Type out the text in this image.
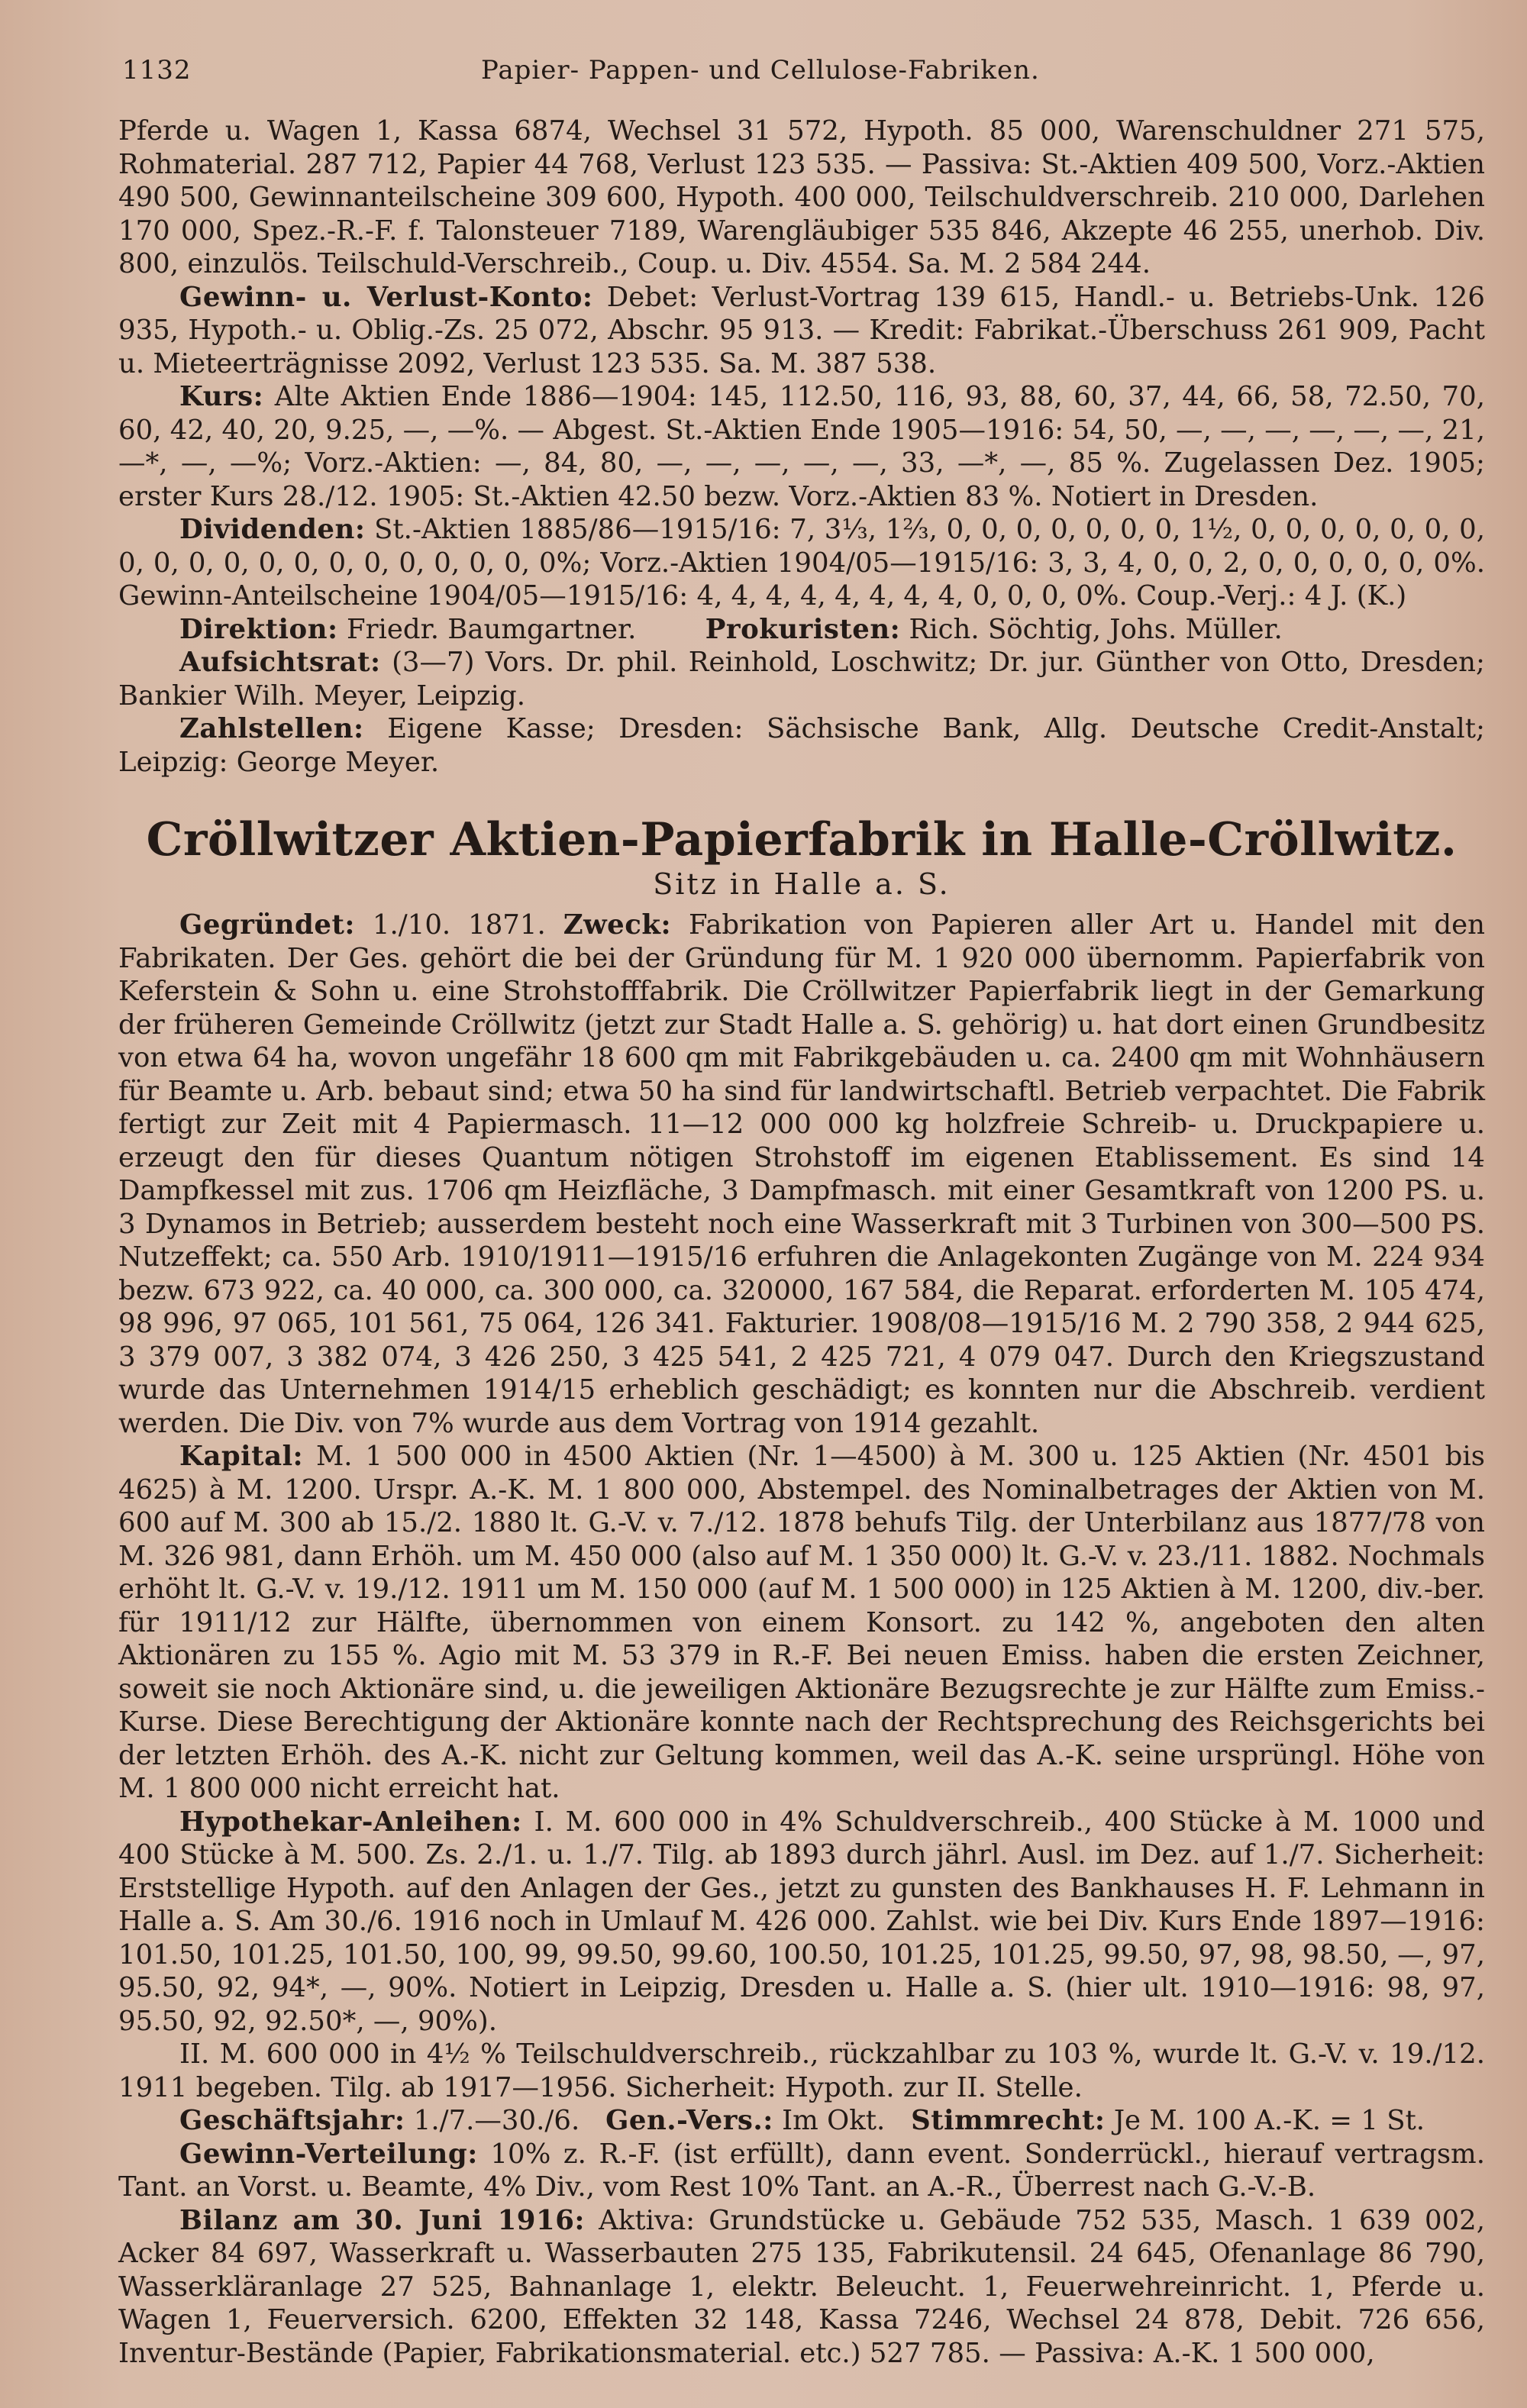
1132	Papier- Pappen- und Cellulose-Fabriken.

Pferde u. Wagen 1, Kassa 6874, Wechsel 31 572, Hypoth. 85 000, Warenschuldner 271 575, Rohmaterial. 287 712, Papier 44 768, Verlust 123 535. — Passiva: St.-Aktien 409 500, Vorz.-Aktien 490 500, Gewinnanteilscheine 309 600, Hypoth. 400 000, Teilschuldverschreib. 210 000, Darlehen 170 000, Spez.-R.-F. f. Talonsteuer 7189, Warengläubiger 535 846, Akzepte 46 255, unerhob. Div. 800, einzulös. Teilschuld-Verschreib., Coup. u. Div. 4554. Sa. M. 2 584 244.

Gewinn- u. Verlust-Konto: Debet: Verlust-Vortrag 139 615, Handl.- u. Betriebs-Unk. 126 935, Hypoth.- u. Oblig.-Zs. 25 072, Abschr. 95 913. — Kredit: Fabrikat.-Überschuss 261 909, Pacht u. Mieteerträgnisse 2092, Verlust 123 535. Sa. M. 387 538.

Kurs: Alte Aktien Ende 1886—1904: 145, 112.50, 116, 93, 88, 60, 37, 44, 66, 58, 72.50, 70, 60, 42, 40, 20, 9.25, —, —%. — Abgest. St.-Aktien Ende 1905—1916: 54, 50, —, —, —, —, —, —, 21, —*, —, —%; Vorz.-Aktien: —, 84, 80, —, —, —, —, —, 33, —*, —, 85 %. Zugelassen Dez. 1905; erster Kurs 28./12. 1905: St.-Aktien 42.50 bezw. Vorz.-Aktien 83 %. Notiert in Dresden.

Dividenden: St.-Aktien 1885/86—1915/16: 7, 3⅓, 1⅔, 0, 0, 0, 0, 0, 0, 0, 1½, 0, 0, 0, 0, 0, 0, 0, 0, 0, 0, 0, 0, 0, 0, 0, 0, 0, 0, 0, 0%; Vorz.-Aktien 1904/05—1915/16: 3, 3, 4, 0, 0, 2, 0, 0, 0, 0, 0, 0%. Gewinn-Anteilscheine 1904/05—1915/16: 4, 4, 4, 4, 4, 4, 4, 4, 0, 0, 0, 0%. Coup.-Verj.: 4 J. (K.)

Direktion: Friedr. Baumgartner.	Prokuristen: Rich. Söchtig, Johs. Müller.

Aufsichtsrat: (3—7) Vors. Dr. phil. Reinhold, Loschwitz; Dr. jur. Günther von Otto, Dresden; Bankier Wilh. Meyer, Leipzig.

Zahlstellen: Eigene Kasse; Dresden: Sächsische Bank, Allg. Deutsche Credit-Anstalt; Leipzig: George Meyer.

Cröllwitzer Aktien-Papierfabrik in Halle-Cröllwitz.
Sitz in Halle a. S.

Gegründet: 1./10. 1871. Zweck: Fabrikation von Papieren aller Art u. Handel mit den Fabrikaten. Der Ges. gehört die bei der Gründung für M. 1 920 000 übernomm. Papierfabrik von Keferstein & Sohn u. eine Strohstofffabrik. Die Cröllwitzer Papierfabrik liegt in der Gemarkung der früheren Gemeinde Cröllwitz (jetzt zur Stadt Halle a. S. gehörig) u. hat dort einen Grundbesitz von etwa 64 ha, wovon ungefähr 18 600 qm mit Fabrikgebäuden u. ca. 2400 qm mit Wohnhäusern für Beamte u. Arb. bebaut sind; etwa 50 ha sind für landwirtschaftl. Betrieb verpachtet. Die Fabrik fertigt zur Zeit mit 4 Papiermasch. 11—12 000 000 kg holzfreie Schreib- u. Druckpapiere u. erzeugt den für dieses Quantum nötigen Strohstoff im eigenen Etablissement. Es sind 14 Dampfkessel mit zus. 1706 qm Heizfläche, 3 Dampfmasch. mit einer Gesamtkraft von 1200 PS. u. 3 Dynamos in Betrieb; ausserdem besteht noch eine Wasserkraft mit 3 Turbinen von 300—500 PS. Nutzeffekt; ca. 550 Arb. 1910/1911—1915/16 erfuhren die Anlagekonten Zugänge von M. 224 934 bezw. 673 922, ca. 40 000, ca. 300 000, ca. 320000, 167 584, die Reparat. erforderten M. 105 474, 98 996, 97 065, 101 561, 75 064, 126 341. Fakturier. 1908/08—1915/16 M. 2 790 358, 2 944 625, 3 379 007, 3 382 074, 3 426 250, 3 425 541, 2 425 721, 4 079 047. Durch den Kriegszustand wurde das Unternehmen 1914/15 erheblich geschädigt; es konnten nur die Abschreib. verdient werden. Die Div. von 7% wurde aus dem Vortrag von 1914 gezahlt.

Kapital: M. 1 500 000 in 4500 Aktien (Nr. 1—4500) à M. 300 u. 125 Aktien (Nr. 4501 bis 4625) à M. 1200. Urspr. A.-K. M. 1 800 000, Abstempel. des Nominalbetrages der Aktien von M. 600 auf M. 300 ab 15./2. 1880 lt. G.-V. v. 7./12. 1878 behufs Tilg. der Unterbilanz aus 1877/78 von M. 326 981, dann Erhöh. um M. 450 000 (also auf M. 1 350 000) lt. G.-V. v. 23./11. 1882. Nochmals erhöht lt. G.-V. v. 19./12. 1911 um M. 150 000 (auf M. 1 500 000) in 125 Aktien à M. 1200, div.-ber. für 1911/12 zur Hälfte, übernommen von einem Konsort. zu 142 %, angeboten den alten Aktionären zu 155 %. Agio mit M. 53 379 in R.-F. Bei neuen Emiss. haben die ersten Zeichner, soweit sie noch Aktionäre sind, u. die jeweiligen Aktionäre Bezugsrechte je zur Hälfte zum Emiss.-Kurse. Diese Berechtigung der Aktionäre konnte nach der Rechtsprechung des Reichsgerichts bei der letzten Erhöh. des A.-K. nicht zur Geltung kommen, weil das A.-K. seine ursprüngl. Höhe von M. 1 800 000 nicht erreicht hat.

Hypothekar-Anleihen: I. M. 600 000 in 4% Schuldverschreib., 400 Stücke à M. 1000 und 400 Stücke à M. 500. Zs. 2./1. u. 1./7. Tilg. ab 1893 durch jährl. Ausl. im Dez. auf 1./7. Sicherheit: Erststellige Hypoth. auf den Anlagen der Ges., jetzt zu gunsten des Bankhauses H. F. Lehmann in Halle a. S. Am 30./6. 1916 noch in Umlauf M. 426 000. Zahlst. wie bei Div. Kurs Ende 1897—1916: 101.50, 101.25, 101.50, 100, 99, 99.50, 99.60, 100.50, 101.25, 101.25, 99.50, 97, 98, 98.50, —, 97, 95.50, 92, 94*, —, 90%. Notiert in Leipzig, Dresden u. Halle a. S. (hier ult. 1910—1916: 98, 97, 95.50, 92, 92.50*, —, 90%).

II. M. 600 000 in 4½ % Teilschuldverschreib., rückzahlbar zu 103 %, wurde lt. G.-V. v. 19./12. 1911 begeben. Tilg. ab 1917—1956. Sicherheit: Hypoth. zur II. Stelle.

Geschäftsjahr: 1./7.—30./6. Gen.-Vers.: Im Okt. Stimmrecht: Je M. 100 A.-K. = 1 St.

Gewinn-Verteilung: 10% z. R.-F. (ist erfüllt), dann event. Sonderrückl., hierauf vertragsm. Tant. an Vorst. u. Beamte, 4% Div., vom Rest 10% Tant. an A.-R., Überrest nach G.-V.-B.

Bilanz am 30. Juni 1916: Aktiva: Grundstücke u. Gebäude 752 535, Masch. 1 639 002, Acker 84 697, Wasserkraft u. Wasserbauten 275 135, Fabrikutensil. 24 645, Ofenanlage 86 790, Wasserkläranlage 27 525, Bahnanlage 1, elektr. Beleucht. 1, Feuerwehreinricht. 1, Pferde u. Wagen 1, Feuerversich. 6200, Effekten 32 148, Kassa 7246, Wechsel 24 878, Debit. 726 656, Inventur-Bestände (Papier, Fabrikationsmaterial. etc.) 527 785. — Passiva: A.-K. 1 500 000,
